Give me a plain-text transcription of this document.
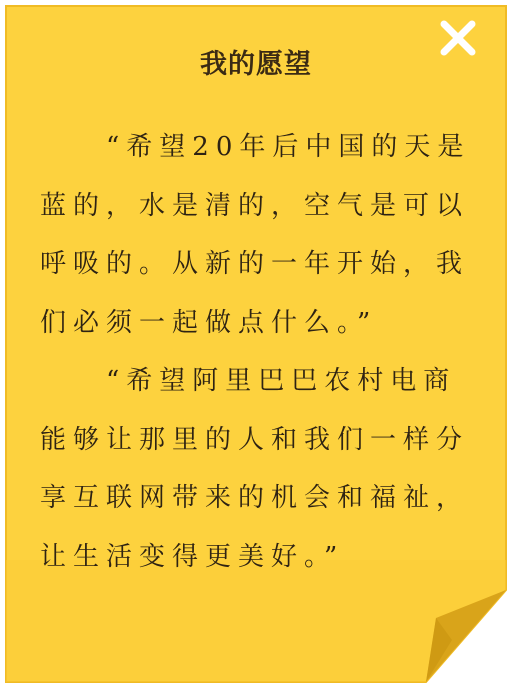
我的愿望

“希望20年后中国的天是蓝的，水是清的，空气是可以呼吸的。从新的一年开始，我们必须一起做点什么。”

“希望阿里巴巴农村电商能够让那里的人和我们一样分享互联网带来的机会和福祉，让生活变得更美好。”
